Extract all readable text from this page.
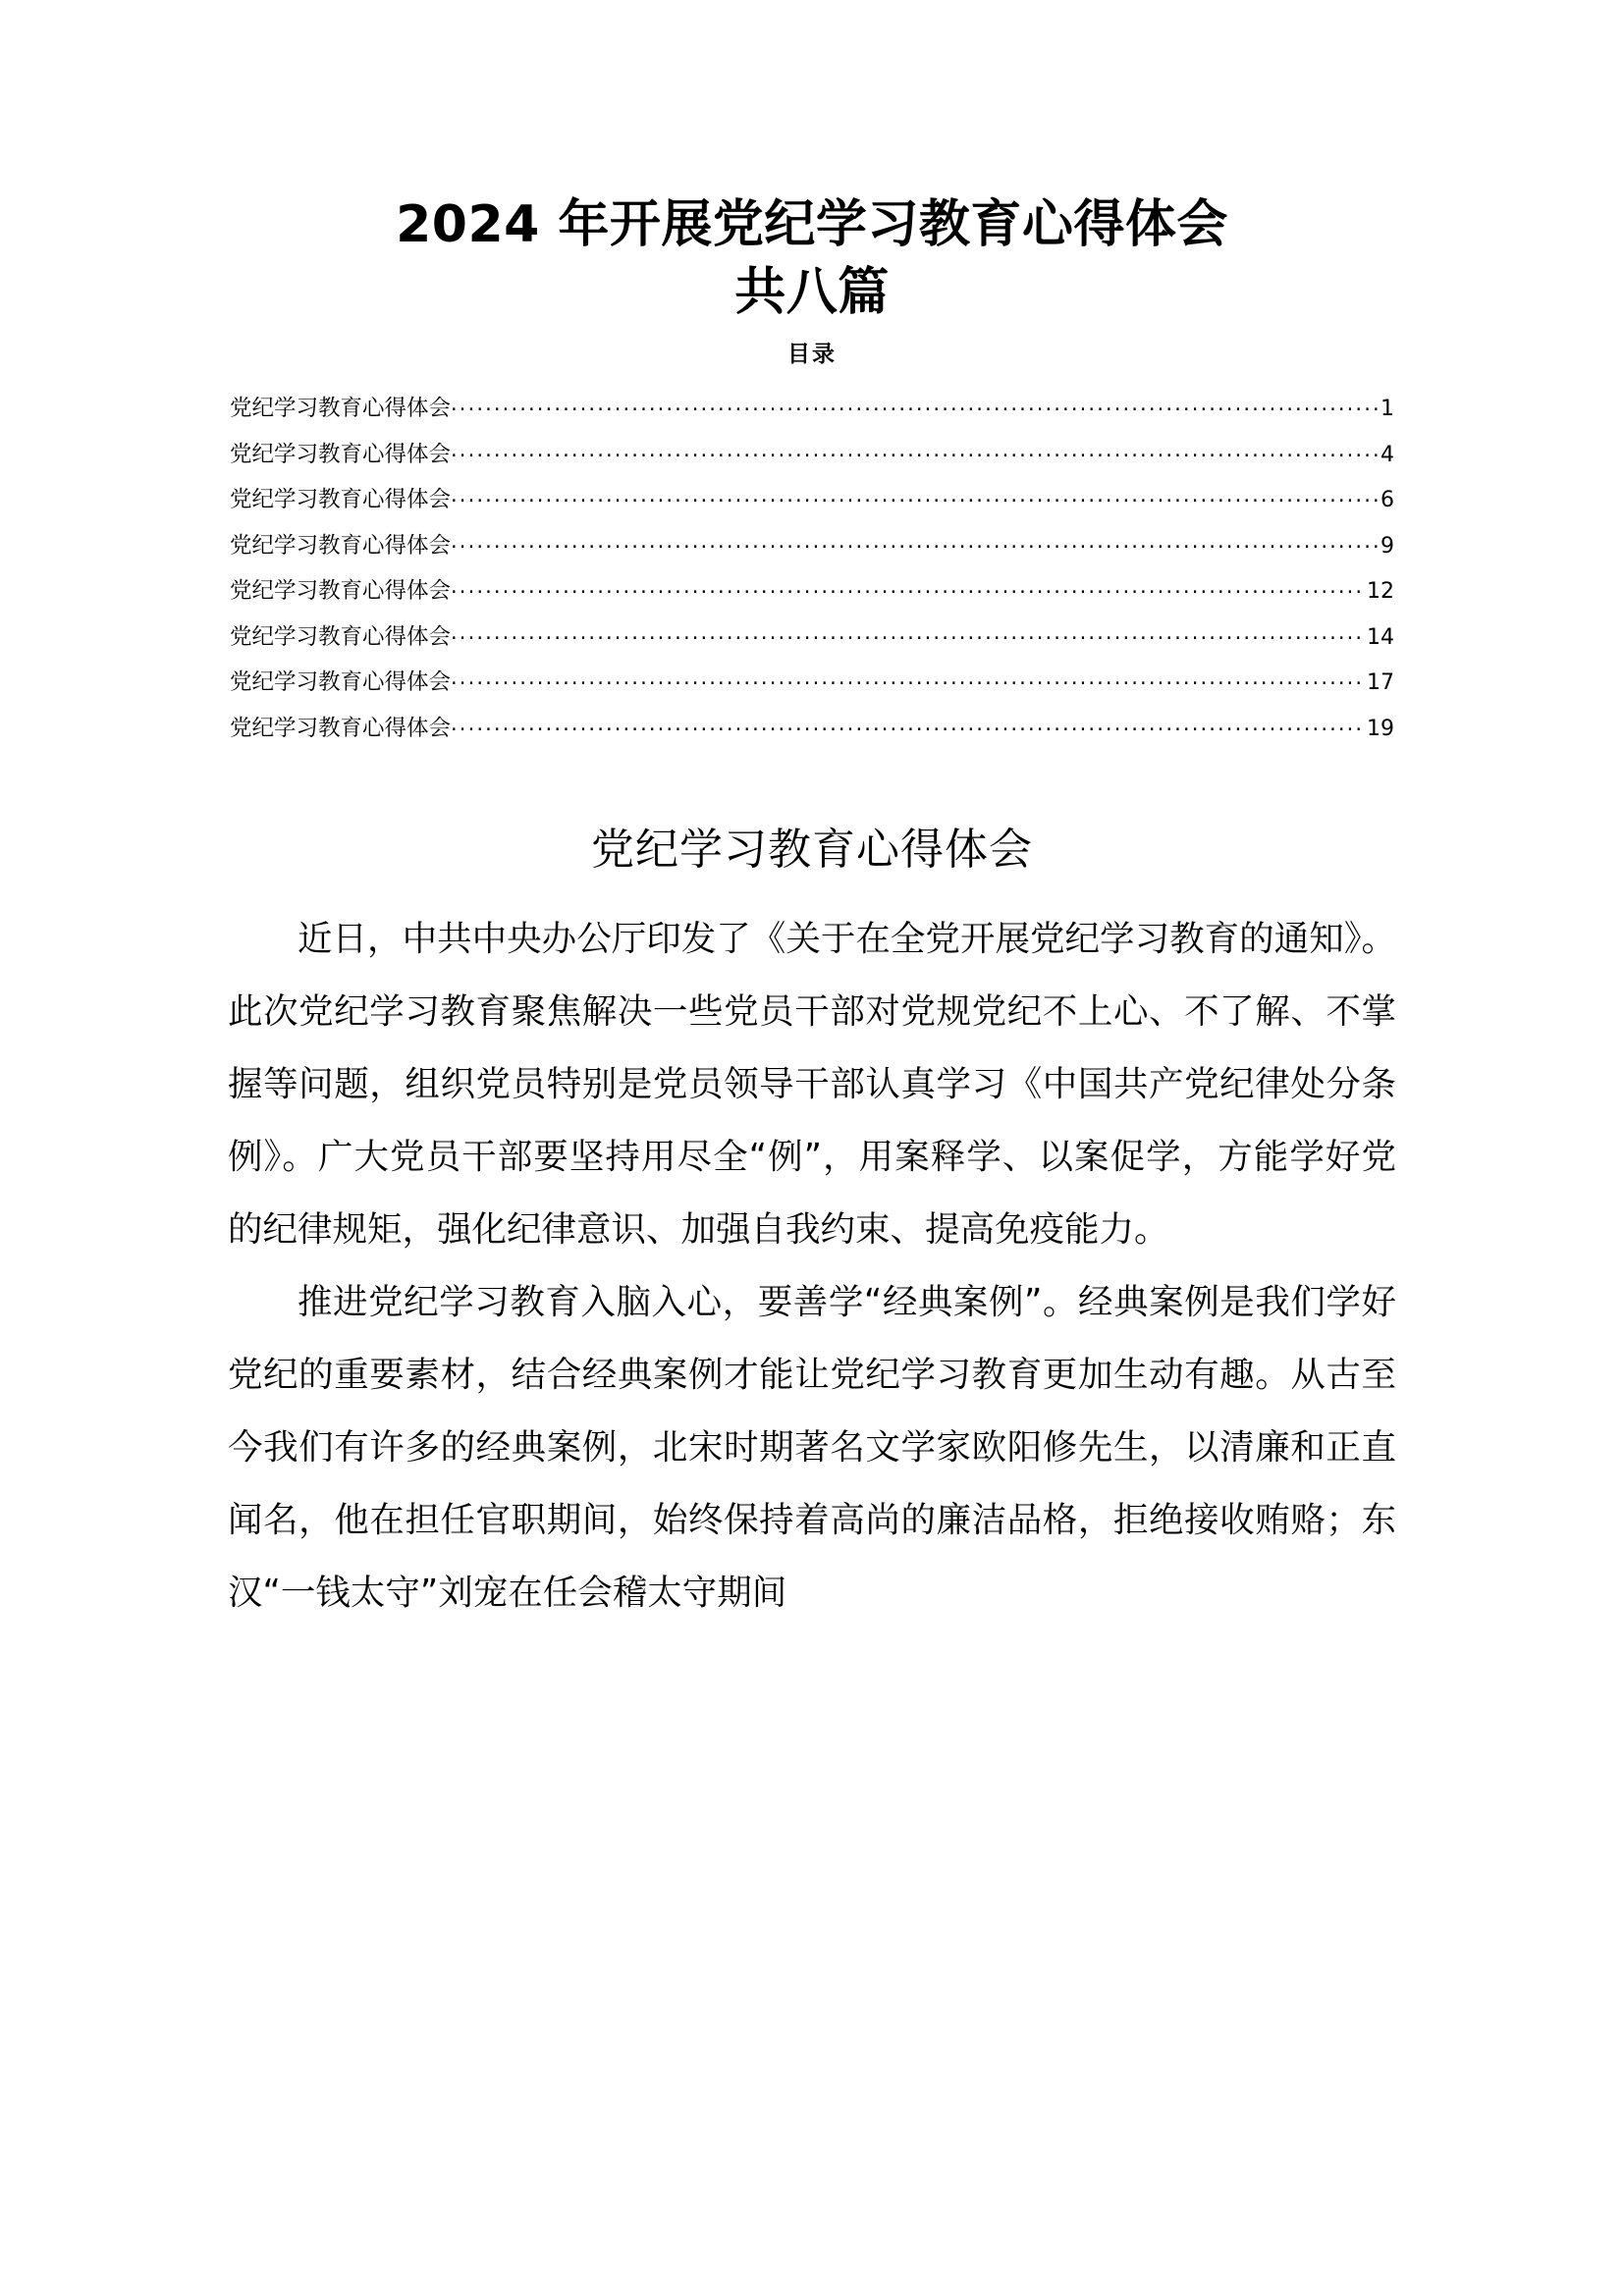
2024 年开展党纪学习教育心得体会
共八篇
目录
党纪学习教育心得体会 .....	1
党纪学习教育心得体会 .....	4
党纪学习教育心得体会 .....	6
党纪学习教育心得体会 .....	9
党纪学习教育心得体会 .....	12
党纪学习教育心得体会 .....	14
党纪学习教育心得体会 .....	17
党纪学习教育心得体会 .....	19
党纪学习教育心得体会

近日，中共中央办公厅印发了《关于在全党开展党纪学习教育的通知》。此次党纪学习教育聚焦解决一些党员干部对党规党纪不上心、不了解、不掌握等问题，组织党员特别是党员领导干部认真学习《中国共产党纪律处分条例》。广大党员干部要坚持用尽全“例”，用案释学、以案促学，方能学好党的纪律规矩，强化纪律意识、加强自我约束、提高免疫能力。

推进党纪学习教育入脑入心，要善学“经典案例”。经典案例是我们学好党纪的重要素材，结合经典案例才能让党纪学习教育更加生动有趣。从古至今我们有许多的经典案例，北宋时期著名文学家欧阳修先生，以清廉和正直闻名，他在担任官职期间，始终保持着高尚的廉洁品格，拒绝接收贿赂；东汉“一钱太守”刘宠在任会稽太守期间
